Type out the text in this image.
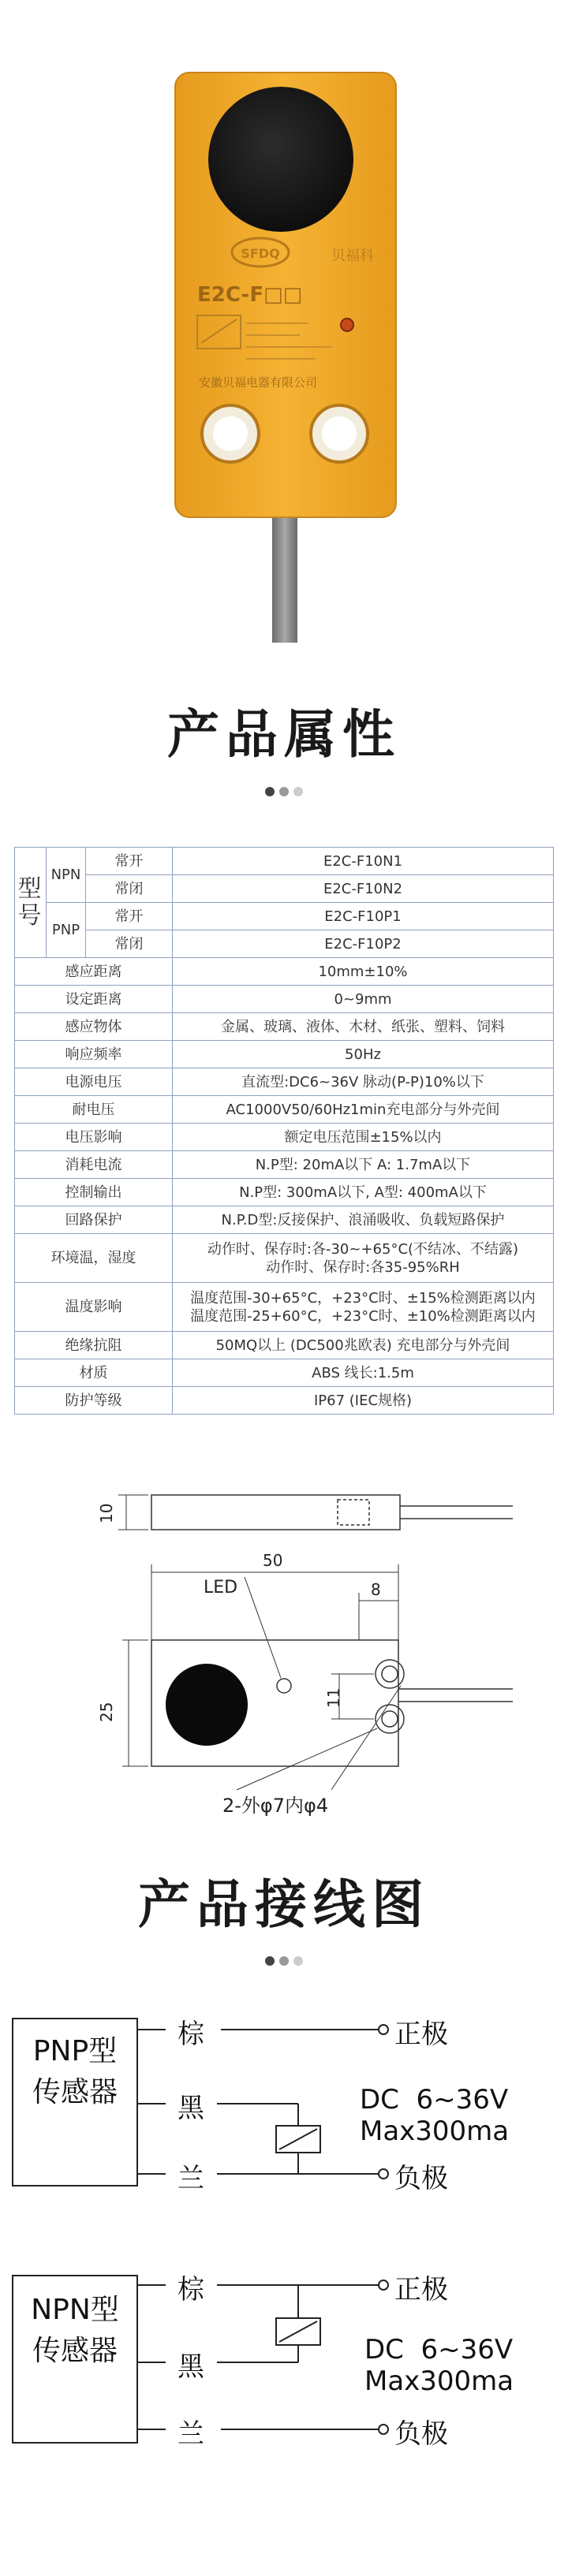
SFDQ	贝福科
E2C-F□□
安徽贝福电器有限公司
产品属性
型号	NPN	常开	E2C-F10N1
		常闭	E2C-F10N2
	PNP	常开	E2C-F10P1
		常闭	E2C-F10P2
感应距离			10mm±10%
设定距离			0~9mm
感应物体			金属、玻璃、液体、木材、纸张、塑料、饲料
响应频率			50Hz
电源电压			直流型:DC6~36V 脉动(P-P)10%以下
耐电压			AC1000V50/60Hz1min充电部分与外壳间
电压影响			额定电压范围±15%以内
消耗电流			N.P型: 20mA以下 A: 1.7mA以下
控制输出			N.P型: 300mA以下, A型: 400mA以下
回路保护			N.P.D型:反接保护、浪涌吸收、负载短路保护
环境温，湿度			动作时、保存时:各-30~+65°C(不结冰、不结露)
动作时、保存时:各35-95%RH

温度影响			温度范围-30+65°C，+23°C时、±15%检测距离以内
温度范围-25+60°C，+23°C时、±10%检测距离以内

绝缘抗阻			50MQ以上 (DC500兆欧表) 充电部分与外壳间
材质			ABS 线长:1.5m
防护等级			IP67 (IEC规格)
10
50
8
LED
25
11
2-外φ7内φ4
产品接线图
PNP型
传感器
棕
黑
兰
正极
负极
DC  6~36V
Max300ma
NPN型
传感器
棕
黑
兰
正极
负极
DC  6~36V
Max300ma
